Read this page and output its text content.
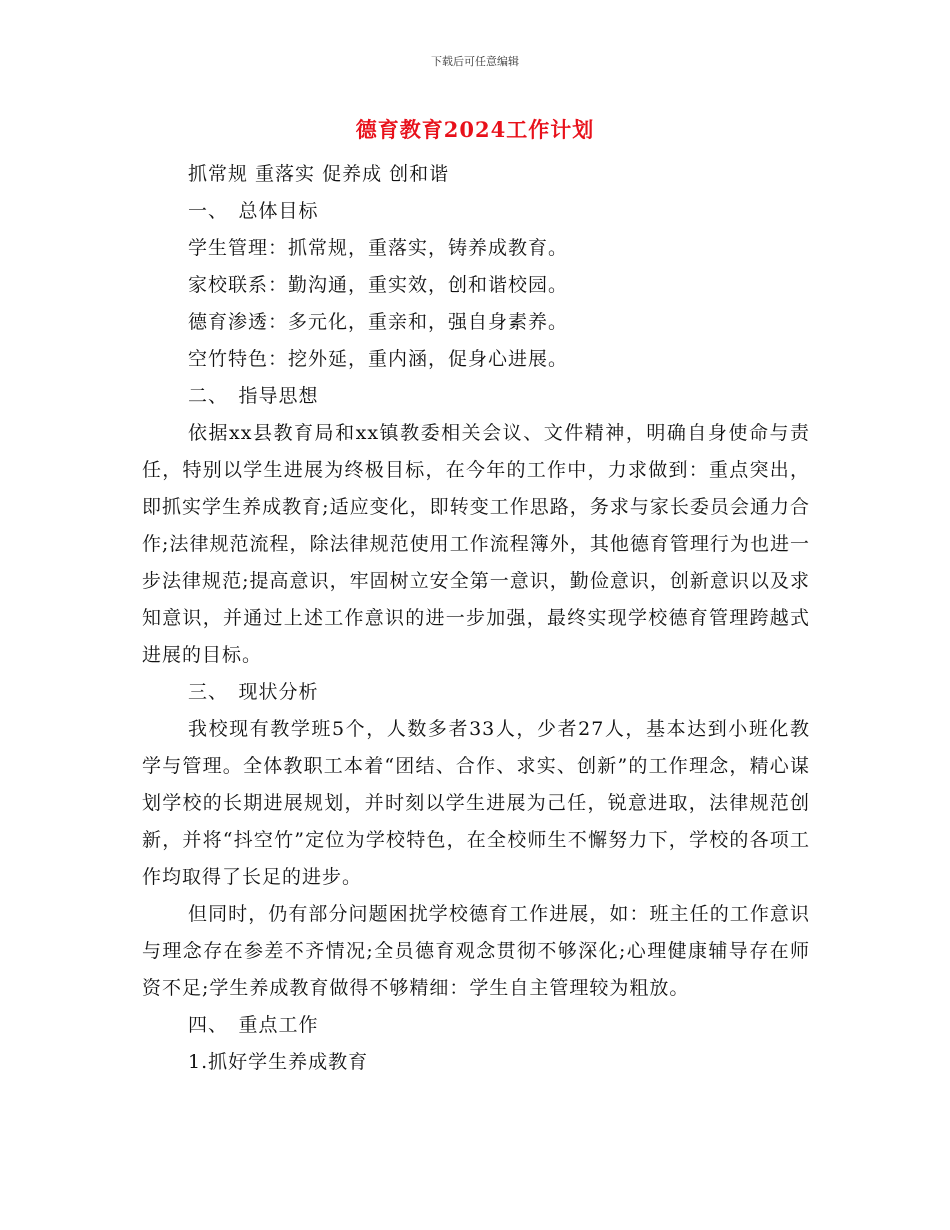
下载后可任意编辑
德育教育2024工作计划

抓常规 重落实 促养成 创和谐

一、　总体目标

学生管理：抓常规，重落实，铸养成教育。

家校联系：勤沟通，重实效，创和谐校园。

德育渗透：多元化，重亲和，强自身素养。

空竹特色：挖外延，重内涵，促身心进展。

二、　指导思想

依据xx县教育局和xx镇教委相关会议、文件精神，明确自身使命与责任，特别以学生进展为终极目标，在今年的工作中，力求做到：重点突出，即抓实学生养成教育;适应变化，即转变工作思路，务求与家长委员会通力合作;法律规范流程，除法律规范使用工作流程簿外，其他德育管理行为也进一步法律规范;提高意识，牢固树立安全第一意识，勤俭意识，创新意识以及求知意识，并通过上述工作意识的进一步加强，最终实现学校德育管理跨越式进展的目标。

三、　现状分析

我校现有教学班5个，人数多者33人，少者27人，基本达到小班化教学与管理。全体教职工本着“团结、合作、求实、创新”的工作理念，精心谋划学校的长期进展规划，并时刻以学生进展为己任，锐意进取，法律规范创新，并将“抖空竹”定位为学校特色，在全校师生不懈努力下，学校的各项工作均取得了长足的进步。

但同时，仍有部分问题困扰学校德育工作进展，如：班主任的工作意识与理念存在参差不齐情况;全员德育观念贯彻不够深化;心理健康辅导存在师资不足;学生养成教育做得不够精细：学生自主管理较为粗放。

四、　重点工作

1.抓好学生养成教育
